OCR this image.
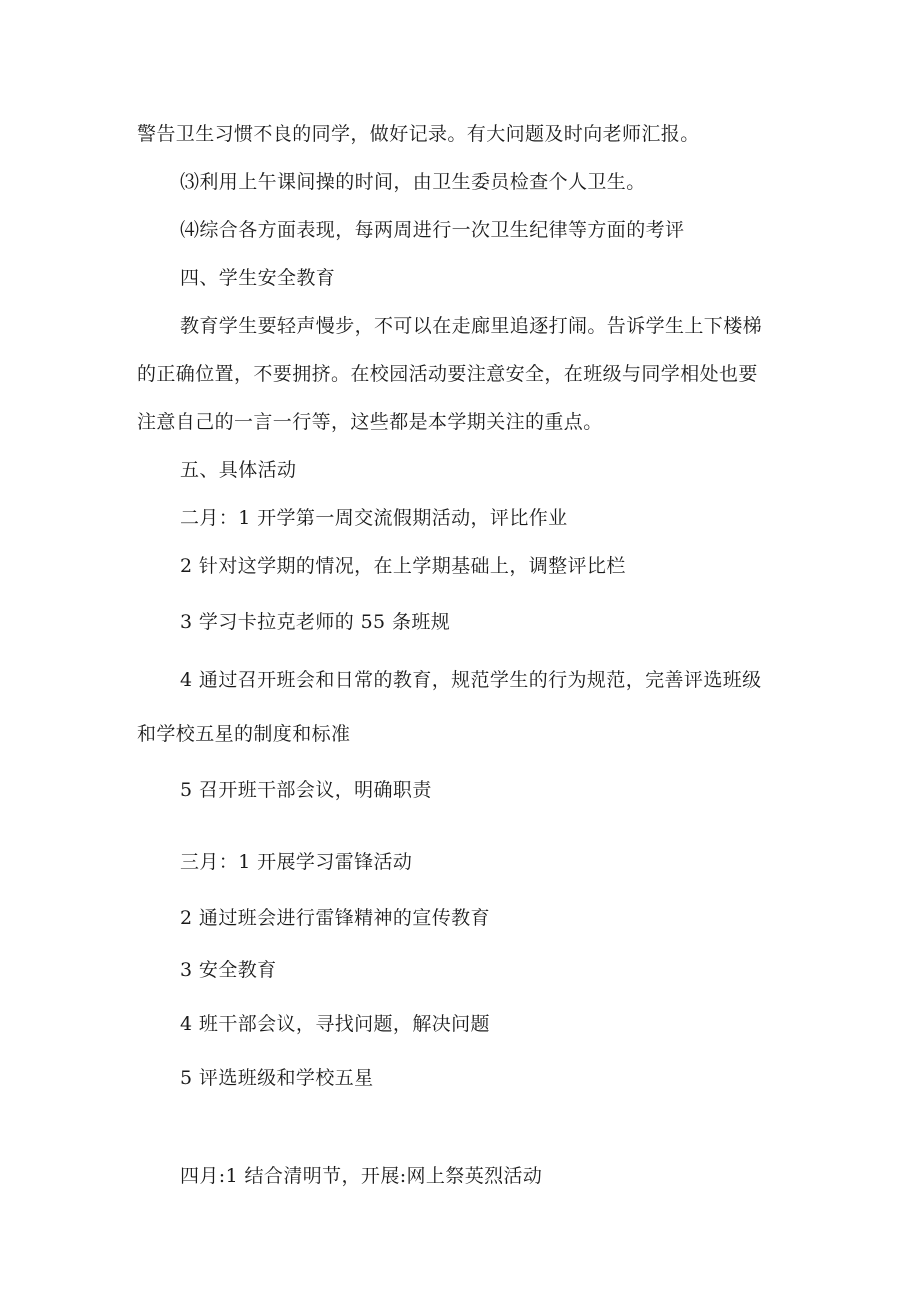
警告卫生习惯不良的同学，做好记录。有大问题及时向老师汇报。
⑶利用上午课间操的时间，由卫生委员检查个人卫生。
⑷综合各方面表现，每两周进行一次卫生纪律等方面的考评
四、学生安全教育
教育学生要轻声慢步，不可以在走廊里追逐打闹。告诉学生上下楼梯
的正确位置，不要拥挤。在校园活动要注意安全，在班级与同学相处也要
注意自己的一言一行等，这些都是本学期关注的重点。
五、具体活动
二月：1 开学第一周交流假期活动，评比作业
2 针对这学期的情况，在上学期基础上，调整评比栏
3 学习卡拉克老师的 55 条班规
4 通过召开班会和日常的教育，规范学生的行为规范，完善评选班级
和学校五星的制度和标准
5 召开班干部会议，明确职责
三月：1 开展学习雷锋活动
2 通过班会进行雷锋精神的宣传教育
3 安全教育
4 班干部会议，寻找问题，解决问题
5 评选班级和学校五星
四月:1 结合清明节，开展:网上祭英烈活动
